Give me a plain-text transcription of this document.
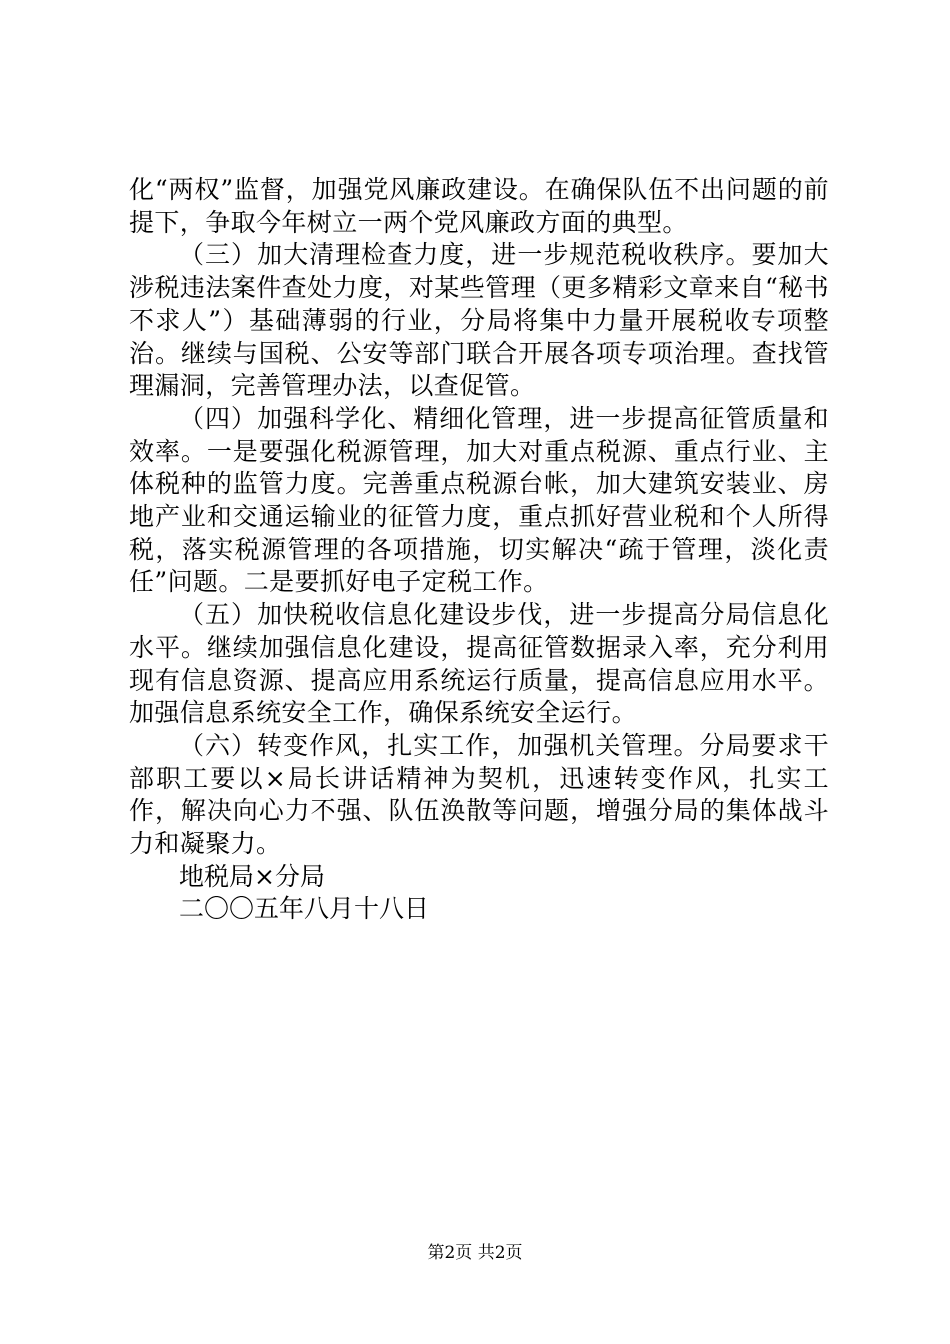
化“两权”监督，加强党风廉政建设。在确保队伍不出问题的前提下，争取今年树立一两个党风廉政方面的典型。

（三）加大清理检查力度，进一步规范税收秩序。要加大涉税违法案件查处力度，对某些管理（更多精彩文章来自“秘书不求人”）基础薄弱的行业，分局将集中力量开展税收专项整治。继续与国税、公安等部门联合开展各项专项治理。查找管理漏洞，完善管理办法，以查促管。

（四）加强科学化、精细化管理，进一步提高征管质量和效率。一是要强化税源管理，加大对重点税源、重点行业、主体税种的监管力度。完善重点税源台帐，加大建筑安装业、房地产业和交通运输业的征管力度，重点抓好营业税和个人所得税，落实税源管理的各项措施，切实解决“疏于管理，淡化责任”问题。二是要抓好电子定税工作。

（五）加快税收信息化建设步伐，进一步提高分局信息化水平。继续加强信息化建设，提高征管数据录入率，充分利用现有信息资源、提高应用系统运行质量，提高信息应用水平。加强信息系统安全工作，确保系统安全运行。

（六）转变作风，扎实工作，加强机关管理。分局要求干部职工要以×局长讲话精神为契机，迅速转变作风，扎实工作，解决向心力不强、队伍涣散等问题，增强分局的集体战斗力和凝聚力。

地税局×分局

二〇〇五年八月十八日

第2页 共2页
